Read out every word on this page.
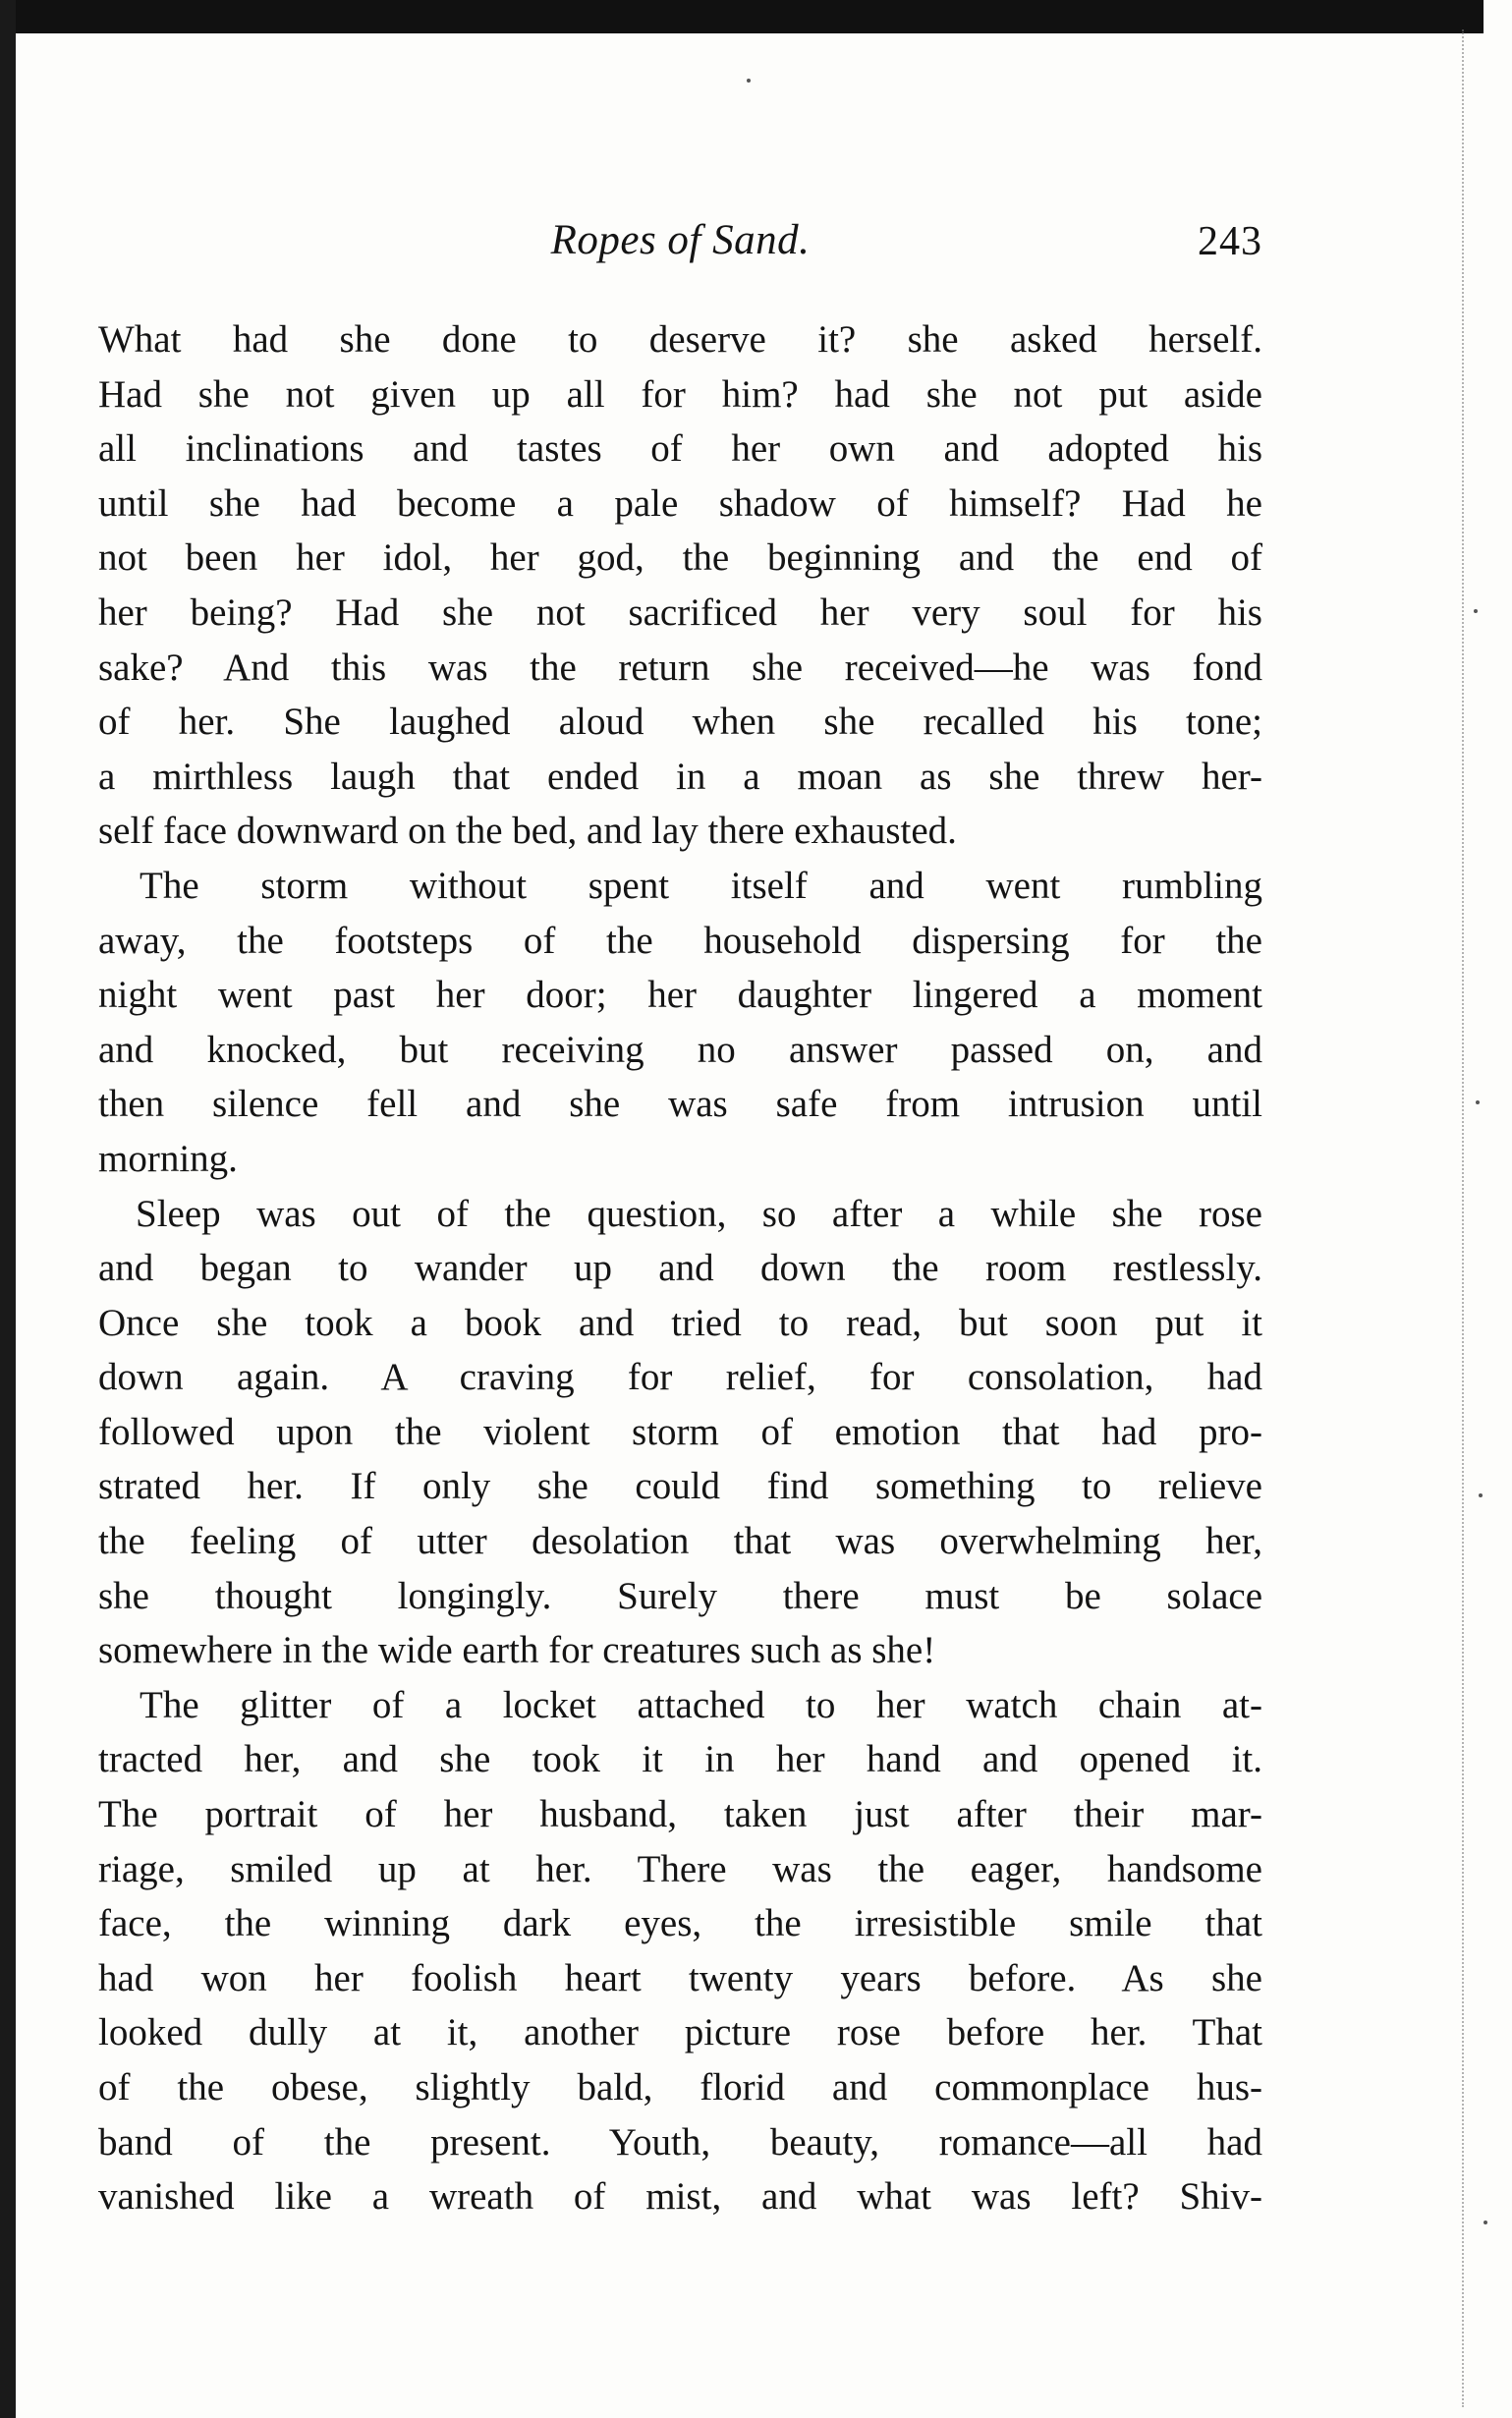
Ropes of Sand.	243
What had she done to deserve it? she asked herself.
Had she not given up all for him? had she not put aside
all inclinations and tastes of her own and adopted his
until she had become a pale shadow of himself? Had he
not been her idol, her god, the beginning and the end of
her being? Had she not sacrificed her very soul for his
sake? And this was the return she received—he was fond
of her. She laughed aloud when she recalled his tone;
a mirthless laugh that ended in a moan as she threw her-
self face downward on the bed, and lay there exhausted.
The storm without spent itself and went rumbling
away, the footsteps of the household dispersing for the
night went past her door; her daughter lingered a moment
and knocked, but receiving no answer passed on, and
then silence fell and she was safe from intrusion until
morning.
Sleep was out of the question, so after a while she rose
and began to wander up and down the room restlessly.
Once she took a book and tried to read, but soon put it
down again. A craving for relief, for consolation, had
followed upon the violent storm of emotion that had pro-
strated her. If only she could find something to relieve
the feeling of utter desolation that was overwhelming her,
she thought longingly. Surely there must be solace
somewhere in the wide earth for creatures such as she!
The glitter of a locket attached to her watch chain at-
tracted her, and she took it in her hand and opened it.
The portrait of her husband, taken just after their mar-
riage, smiled up at her. There was the eager, handsome
face, the winning dark eyes, the irresistible smile that
had won her foolish heart twenty years before. As she
looked dully at it, another picture rose before her. That
of the obese, slightly bald, florid and commonplace hus-
band of the present. Youth, beauty, romance—all had
vanished like a wreath of mist, and what was left? Shiv-
